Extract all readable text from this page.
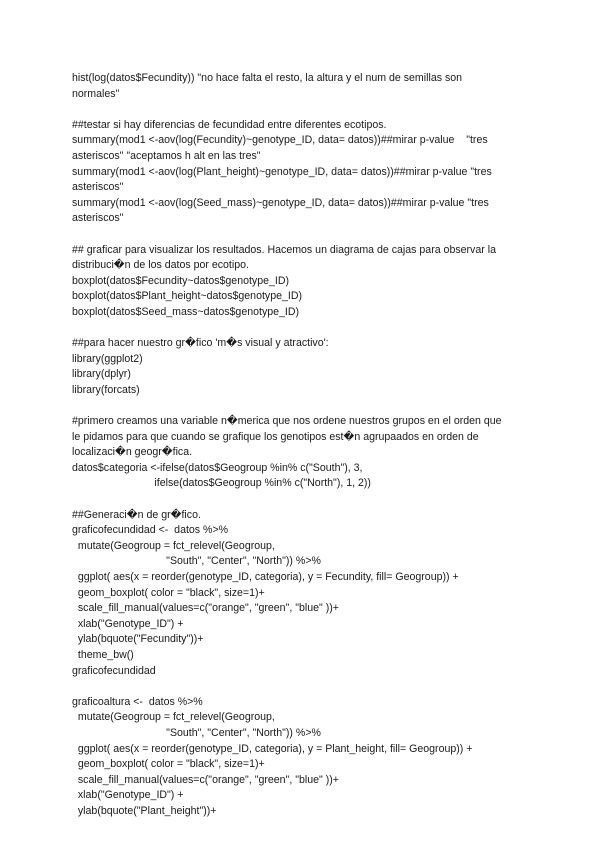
hist(log(datos$Fecundity)) "no hace falta el resto, la altura y el num de semillas son
normales"
##testar si hay diferencias de fecundidad entre diferentes ecotipos.
summary(mod1 <-aov(log(Fecundity)~genotype_ID, data= datos))##mirar p-value    "tres
asteriscos" "aceptamos h alt en las tres"
summary(mod1 <-aov(log(Plant_height)~genotype_ID, data= datos))##mirar p-value "tres
asteriscos"
summary(mod1 <-aov(log(Seed_mass)~genotype_ID, data= datos))##mirar p-value "tres
asteriscos"
## graficar para visualizar los resultados. Hacemos un diagrama de cajas para observar la
distribuci�n de los datos por ecotipo.
boxplot(datos$Fecundity~datos$genotype_ID)
boxplot(datos$Plant_height~datos$genotype_ID)
boxplot(datos$Seed_mass~datos$genotype_ID)
##para hacer nuestro gr�fico 'm�s visual y atractivo':
library(ggplot2)
library(dplyr)
library(forcats)
#primero creamos una variable n�merica que nos ordene nuestros grupos en el orden que
le pidamos para que cuando se grafique los genotipos est�n agrupaados en orden de
localizaci�n geogr�fica.
datos$categoria <-ifelse(datos$Geogroup %in% c("South"), 3,
ifelse(datos$Geogroup %in% c("North"), 1, 2))
##Generaci�n de gr�fico.
graficofecundidad <-  datos %>%
mutate(Geogroup = fct_relevel(Geogroup,
"South", "Center", "North")) %>%
ggplot( aes(x = reorder(genotype_ID, categoria), y = Fecundity, fill= Geogroup)) +
geom_boxplot( color = "black", size=1)+
scale_fill_manual(values=c("orange", "green", "blue" ))+
xlab("Genotype_ID") +
ylab(bquote("Fecundity"))+
theme_bw()
graficofecundidad
graficoaltura <-  datos %>%
mutate(Geogroup = fct_relevel(Geogroup,
"South", "Center", "North")) %>%
ggplot( aes(x = reorder(genotype_ID, categoria), y = Plant_height, fill= Geogroup)) +
geom_boxplot( color = "black", size=1)+
scale_fill_manual(values=c("orange", "green", "blue" ))+
xlab("Genotype_ID") +
ylab(bquote("Plant_height"))+
